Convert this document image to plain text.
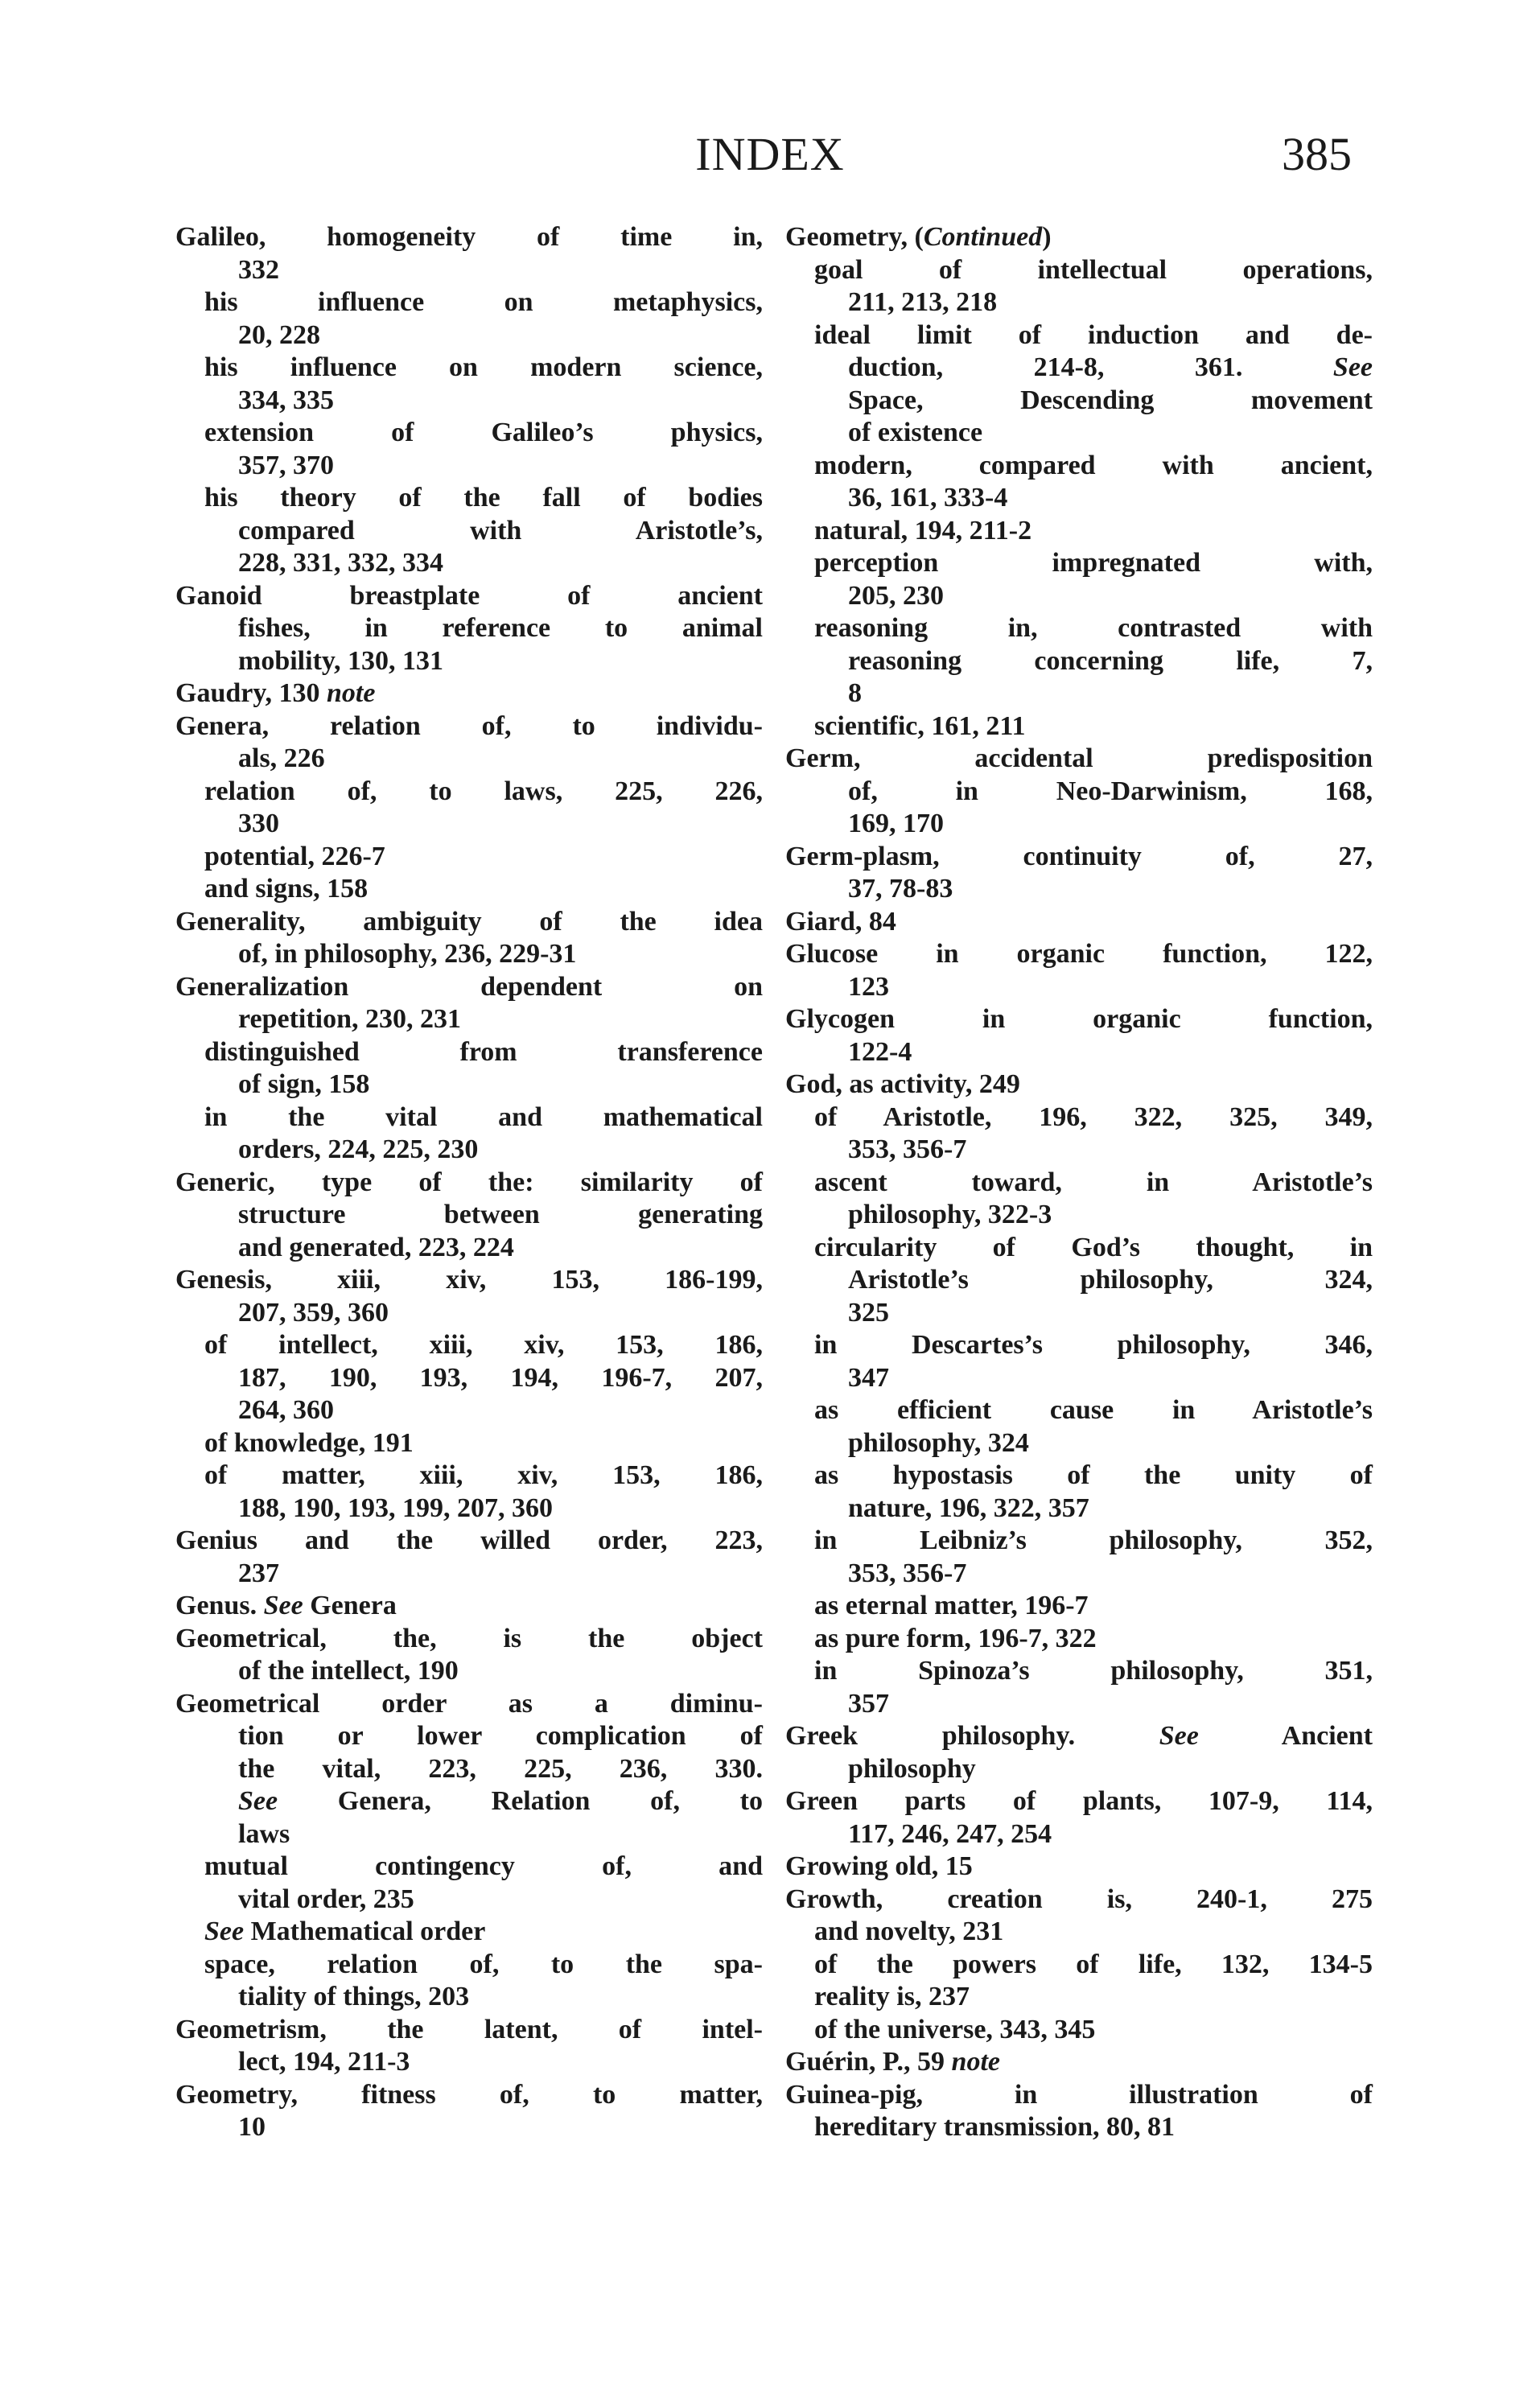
INDEX	385
Galileo, homogeneity of time in,
332
his influence on metaphysics,
20, 228
his influence on modern science,
334, 335
extension of Galileo’s physics,
357, 370
his theory of the fall of bodies
compared with Aristotle’s,
228, 331, 332, 334
Ganoid breastplate of ancient
fishes, in reference to animal
mobility, 130, 131
Gaudry, 130 note
Genera, relation of, to individu-
als, 226
relation of, to laws, 225, 226,
330
potential, 226-7
and signs, 158
Generality, ambiguity of the idea
of, in philosophy, 236, 229-31
Generalization dependent on
repetition, 230, 231
distinguished from transference
of sign, 158
in the vital and mathematical
orders, 224, 225, 230
Generic, type of the: similarity of
structure between generating
and generated, 223, 224
Genesis, xiii, xiv, 153, 186-199,
207, 359, 360
of intellect, xiii, xiv, 153, 186,
187, 190, 193, 194, 196-7, 207,
264, 360
of knowledge, 191
of matter, xiii, xiv, 153, 186,
188, 190, 193, 199, 207, 360
Genius and the willed order, 223,
237
Genus. See Genera
Geometrical, the, is the object
of the intellect, 190
Geometrical order as a diminu-
tion or lower complication of
the vital, 223, 225, 236, 330.
See Genera, Relation of, to
laws
mutual contingency of, and
vital order, 235
See Mathematical order
space, relation of, to the spa-
tiality of things, 203
Geometrism, the latent, of intel-
lect, 194, 211-3
Geometry, fitness of, to matter,
10
Geometry, (Continued)
goal of intellectual operations,
211, 213, 218
ideal limit of induction and de-
duction, 214-8, 361. See
Space, Descending movement
of existence
modern, compared with ancient,
36, 161, 333-4
natural, 194, 211-2
perception impregnated with,
205, 230
reasoning in, contrasted with
reasoning concerning life, 7,
8
scientific, 161, 211
Germ, accidental predisposition
of, in Neo-Darwinism, 168,
169, 170
Germ-plasm, continuity of, 27,
37, 78-83
Giard, 84
Glucose in organic function, 122,
123
Glycogen in organic function,
122-4
God, as activity, 249
of Aristotle, 196, 322, 325, 349,
353, 356-7
ascent toward, in Aristotle’s
philosophy, 322-3
circularity of God’s thought, in
Aristotle’s philosophy, 324,
325
in Descartes’s philosophy, 346,
347
as efficient cause in Aristotle’s
philosophy, 324
as hypostasis of the unity of
nature, 196, 322, 357
in Leibniz’s philosophy, 352,
353, 356-7
as eternal matter, 196-7
as pure form, 196-7, 322
in Spinoza’s philosophy, 351,
357
Greek philosophy. See Ancient
philosophy
Green parts of plants, 107-9, 114,
117, 246, 247, 254
Growing old, 15
Growth, creation is, 240-1, 275
and novelty, 231
of the powers of life, 132, 134-5
reality is, 237
of the universe, 343, 345
Guérin, P., 59 note
Guinea-pig, in illustration of
hereditary transmission, 80, 81
